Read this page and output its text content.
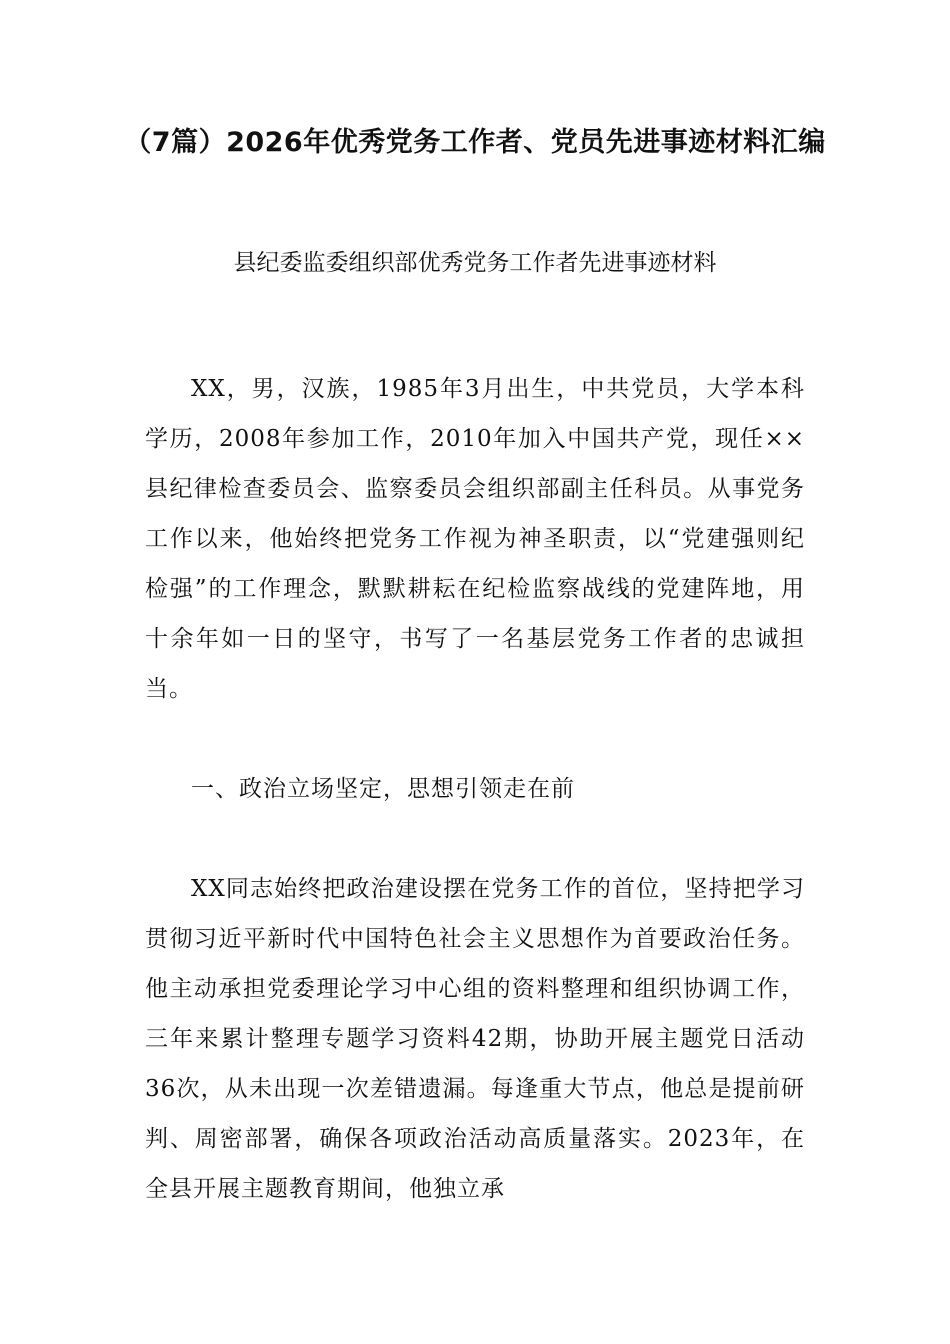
（7篇）2026年优秀党务工作者、党员先进事迹材料汇编
县纪委监委组织部优秀党务工作者先进事迹材料

XX，男，汉族，1985年3月出生，中共党员，大学本科学历，2008年参加工作，2010年加入中国共产党，现任××县纪律检查委员会、监察委员会组织部副主任科员。从事党务工作以来，他始终把党务工作视为神圣职责，以“党建强则纪检强”的工作理念，默默耕耘在纪检监察战线的党建阵地，用十余年如一日的坚守，书写了一名基层党务工作者的忠诚担当。

一、政治立场坚定，思想引领走在前

XX同志始终把政治建设摆在党务工作的首位，坚持把学习贯彻习近平新时代中国特色社会主义思想作为首要政治任务。他主动承担党委理论学习中心组的资料整理和组织协调工作，三年来累计整理专题学习资料42期，协助开展主题党日活动36次，从未出现一次差错遗漏。每逢重大节点，他总是提前研判、周密部署，确保各项政治活动高质量落实。2023年，在全县开展主题教育期间，他独立承
